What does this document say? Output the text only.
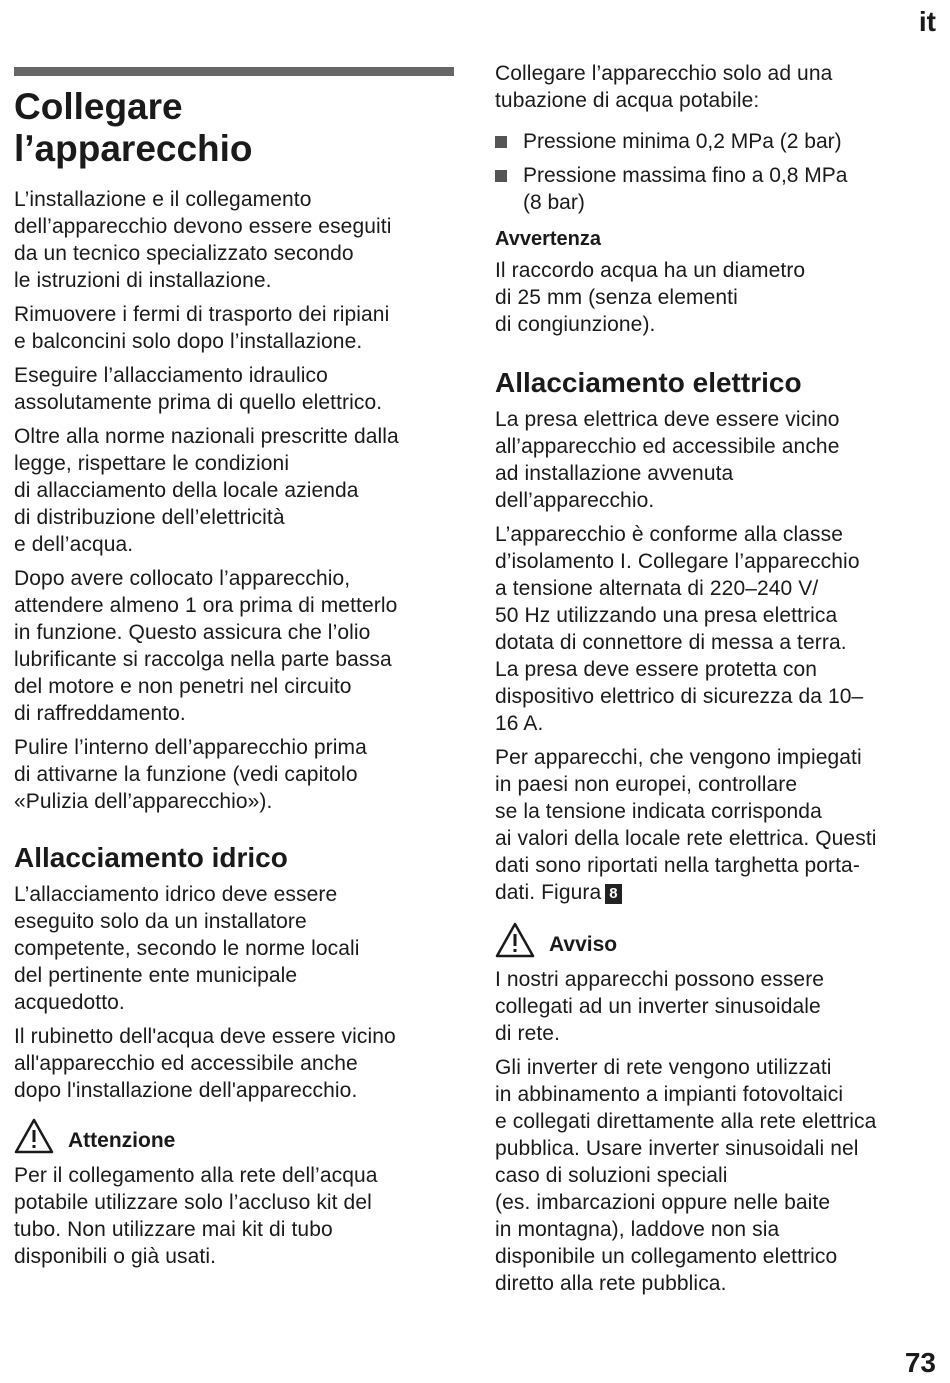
it
Collegare
l’apparecchio

L’installazione e il collegamento
dell’apparecchio devono essere eseguiti
da un tecnico specializzato secondo
le istruzioni di installazione.

Rimuovere i fermi di trasporto dei ripiani
e balconcini solo dopo l’installazione.

Eseguire l’allacciamento idraulico
assolutamente prima di quello elettrico.

Oltre alla norme nazionali prescritte dalla
legge, rispettare le condizioni
di allacciamento della locale azienda
di distribuzione dell’elettricità
e dell’acqua.

Dopo avere collocato l’apparecchio,
attendere almeno 1 ora prima di metterlo
in funzione. Questo assicura che l’olio
lubrificante si raccolga nella parte bassa
del motore e non penetri nel circuito
di raffreddamento.

Pulire l’interno dell’apparecchio prima
di attivarne la funzione (vedi capitolo
«Pulizia dell’apparecchio»).

Allacciamento idrico

L’allacciamento idrico deve essere
eseguito solo da un installatore
competente, secondo le norme locali
del pertinente ente municipale
acquedotto.

Il rubinetto dell'acqua deve essere vicino
all'apparecchio ed accessibile anche
dopo l'installazione dell'apparecchio.

Attenzione

Per il collegamento alla rete dell’acqua
potabile utilizzare solo l’accluso kit del
tubo. Non utilizzare mai kit di tubo
disponibili o già usati.

Collegare l’apparecchio solo ad una
tubazione di acqua potabile:

Pressione minima 0,2 MPa (2 bar)
Pressione massima fino a 0,8 MPa
(8 bar)
Avvertenza

Il raccordo acqua ha un diametro
di 25 mm (senza elementi
di congiunzione).

Allacciamento elettrico

La presa elettrica deve essere vicino
all’apparecchio ed accessibile anche
ad installazione avvenuta
dell’apparecchio.

L’apparecchio è conforme alla classe
d’isolamento I. Collegare l’apparecchio
a tensione alternata di 220–240 V/
50 Hz utilizzando una presa elettrica
dotata di connettore di messa a terra.
La presa deve essere protetta con
dispositivo elettrico di sicurezza da 10–
16 A.

Per apparecchi, che vengono impiegati
in paesi non europei, controllare
se la tensione indicata corrisponda
ai valori della locale rete elettrica. Questi
dati sono riportati nella targhetta porta-
dati. Figura 8

Avviso

I nostri apparecchi possono essere
collegati ad un inverter sinusoidale
di rete.

Gli inverter di rete vengono utilizzati
in abbinamento a impianti fotovoltaici
e collegati direttamente alla rete elettrica
pubblica. Usare inverter sinusoidali nel
caso di soluzioni speciali
(es. imbarcazioni oppure nelle baite
in montagna), laddove non sia
disponibile un collegamento elettrico
diretto alla rete pubblica.

73
